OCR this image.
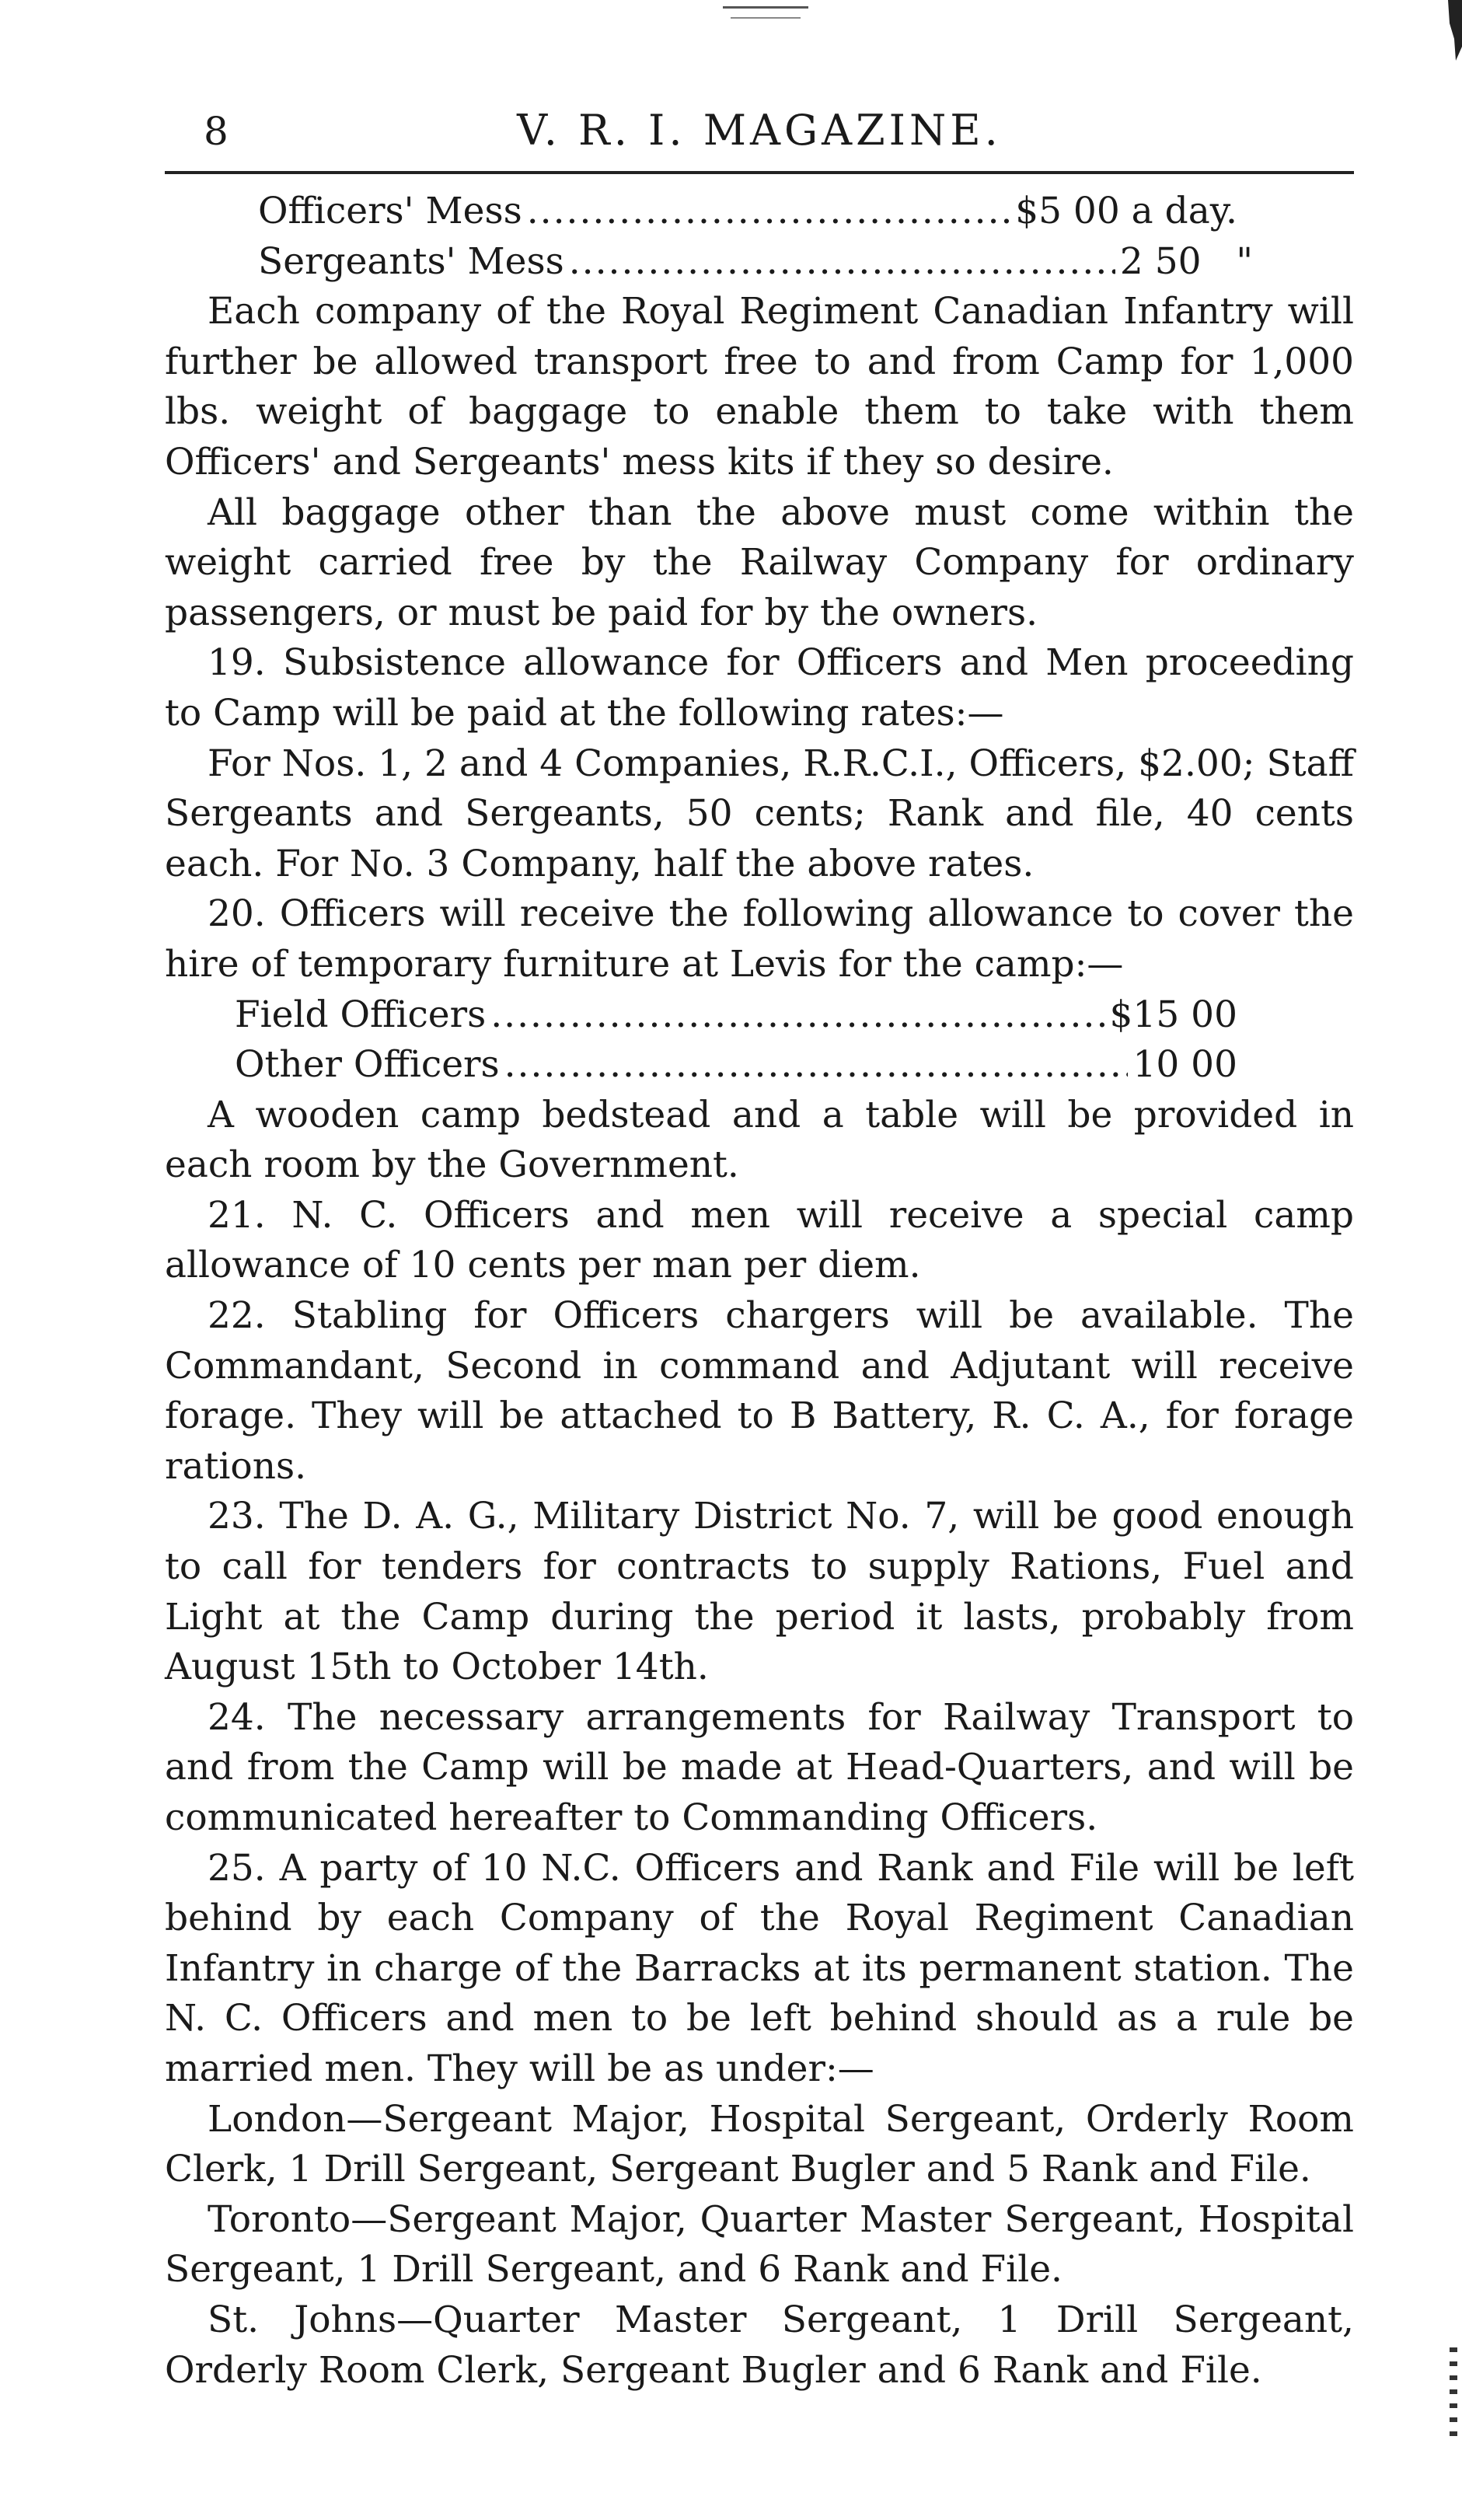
8	V. R. I. MAGAZINE.
Officers' Mess .....	$5 00 a day.
Sergeants' Mess .....	2 50   "

Each company of the Royal Regiment Canadian Infantry will further be allowed transport free to and from Camp for 1,000 lbs. weight of baggage to enable them to take with them Officers' and Sergeants' mess kits if they so desire.

All baggage other than the above must come within the weight carried free by the Railway Company for ordinary passengers, or must be paid for by the owners.

19. Subsistence allowance for Officers and Men proceeding to Camp will be paid at the following rates:—

For Nos. 1, 2 and 4 Companies, R.R.C.I., Officers, $2.00; Staff Sergeants and Sergeants, 50 cents; Rank and file, 40 cents each. For No. 3 Company, half the above rates.

20. Officers will receive the following allowance to cover the hire of temporary furniture at Levis for the camp:—

Field Officers .....	$15 00
Other Officers .....	10 00

A wooden camp bedstead and a table will be provided in each room by the Government.

21. N. C. Officers and men will receive a special camp allowance of 10 cents per man per diem.

22. Stabling for Officers chargers will be available. The Commandant, Second in command and Adjutant will receive forage. They will be attached to B Battery, R. C. A., for forage rations.

23. The D. A. G., Military District No. 7, will be good enough to call for tenders for contracts to supply Rations, Fuel and Light at the Camp during the period it lasts, probably from August 15th to October 14th.

24. The necessary arrangements for Railway Transport to and from the Camp will be made at Head-Quarters, and will be communicated hereafter to Commanding Officers.

25. A party of 10 N.C. Officers and Rank and File will be left behind by each Company of the Royal Regiment Canadian Infantry in charge of the Barracks at its permanent station. The N. C. Officers and men to be left behind should as a rule be married men. They will be as under:—

London—Sergeant Major, Hospital Sergeant, Orderly Room Clerk, 1 Drill Sergeant, Sergeant Bugler and 5 Rank and File.

Toronto—Sergeant Major, Quarter Master Sergeant, Hospital Sergeant, 1 Drill Sergeant, and 6 Rank and File.

St. Johns—Quarter Master Sergeant, 1 Drill Sergeant, Orderly Room Clerk, Sergeant Bugler and 6 Rank and File.
